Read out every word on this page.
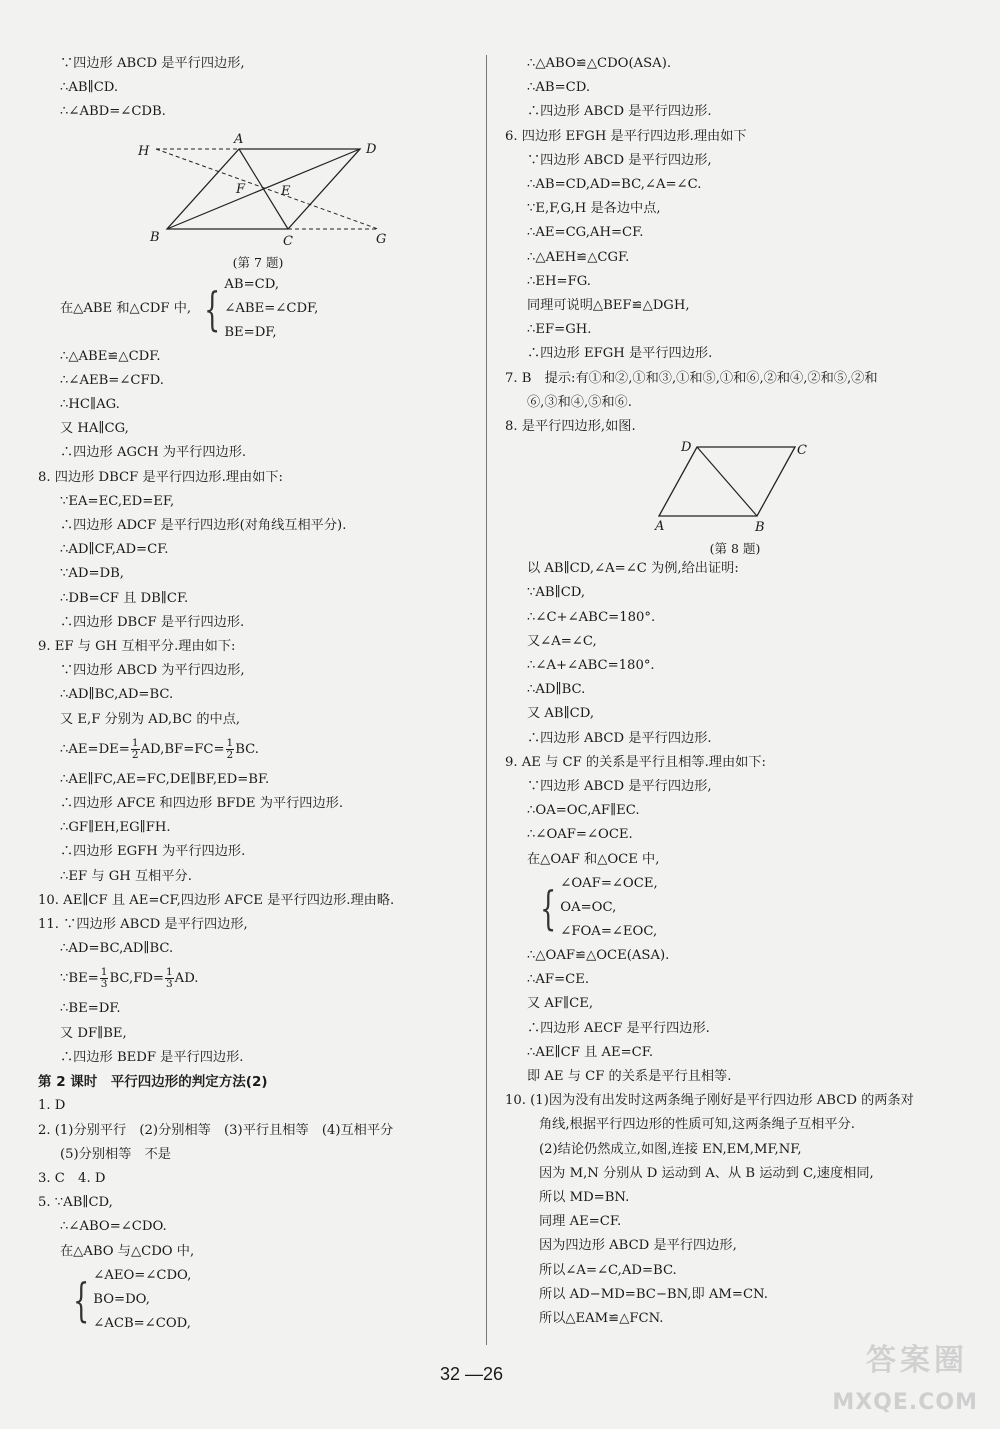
∵四边形 ABCD 是平行四边形,
∴AB∥CD.
∴∠ABD=∠CDB.
H
A
D
F	E
B	C	G
(第 7 题)
在△ABE 和△CDF 中, { AB=CD,
∠ABE=∠CDF,
BE=DF,
∴△ABE≌△CDF.
∴∠AEB=∠CFD.
∴HC∥AG.
又 HA∥CG,
∴四边形 AGCH 为平行四边形.
8. 四边形 DBCF 是平行四边形.理由如下:
∵EA=EC,ED=EF,
∴四边形 ADCF 是平行四边形(对角线互相平分).
∴AD∥CF,AD=CF.
∵AD=DB,
∴DB=CF 且 DB∥CF.
∴四边形 DBCF 是平行四边形.
9. EF 与 GH 互相平分.理由如下:
∵四边形 ABCD 为平行四边形,
∴AD∥BC,AD=BC.
又 E,F 分别为 AD,BC 的中点,
∴AE=DE= $\frac{1}{2} AD,BF=FC= \frac{1}{2}$ BC.
∴AE∥FC,AE=FC,DE∥BF,ED=BF.
∴四边形 AFCE 和四边形 BFDE 为平行四边形.
∴GF∥EH,EG∥FH.
∴四边形 EGFH 为平行四边形.
∴EF 与 GH 互相平分.
10. AE∥CF 且 AE=CF,四边形 AFCE 是平行四边形.理由略.
11. ∵四边形 ABCD 是平行四边形,
∴AD=BC,AD∥BC.
∵BE= $\frac{1}{3} BC,FD= \frac{1}{3}$ AD.
∴BE=DF.
又 DF∥BE,
∴四边形 BEDF 是平行四边形.
第 2 课时　平行四边形的判定方法(2)
1. D
2. (1)分别平行　(2)分别相等　(3)平行且相等　(4)互相平分
(5)分别相等　不是
3. C　4. D
5. ∵AB∥CD,
∴∠ABO=∠CDO.
在△ABO 与△CDO 中,
{ ∠AEO=∠CDO,
BO=DO,
∠ACB=∠COD,
∴△ABO≌△CDO(ASA).
∴AB=CD.
∴四边形 ABCD 是平行四边形.
6. 四边形 EFGH 是平行四边形.理由如下
∵四边形 ABCD 是平行四边形,
∴AB=CD,AD=BC,∠A=∠C.
∵E,F,G,H 是各边中点,
∴AE=CG,AH=CF.
∴△AEH≌△CGF.
∴EH=FG.
同理可说明△BEF≌△DGH,
∴EF=GH.
∴四边形 EFGH 是平行四边形.
7. B　提示:有①和②,①和③,①和⑤,①和⑥,②和④,②和⑤,②和
⑥,③和④,⑤和⑥.
8. 是平行四边形,如图.
D	C
A	B
(第 8 题)
以 AB∥CD,∠A=∠C 为例,给出证明:
∵AB∥CD,
∴∠C+∠ABC=180°.
又∠A=∠C,
∴∠A+∠ABC=180°.
∴AD∥BC.
又 AB∥CD,
∴四边形 ABCD 是平行四边形.
9. AE 与 CF 的关系是平行且相等.理由如下:
∵四边形 ABCD 是平行四边形,
∴OA=OC,AF∥EC.
∴∠OAF=∠OCE.
在△OAF 和△OCE 中,
{ ∠OAF=∠OCE,
OA=OC,
∠FOA=∠EOC,
∴△OAF≌△OCE(ASA).
∴AF=CE.
又 AF∥CE,
∴四边形 AECF 是平行四边形.
∴AE∥CF 且 AE=CF.
即 AE 与 CF 的关系是平行且相等.
10. (1)因为没有出发时这两条绳子刚好是平行四边形 ABCD 的两条对
角线,根据平行四边形的性质可知,这两条绳子互相平分.
(2)结论仍然成立,如图,连接 EN,EM,MF,NF,
因为 M,N 分别从 D 运动到 A、从 B 运动到 C,速度相同,
所以 MD=BN.
同理 AE=CF.
因为四边形 ABCD 是平行四边形,
所以∠A=∠C,AD=BC.
所以 AD−MD=BC−BN,即 AM=CN.
所以△EAM≌△FCN.
32 —26	答案圈
MXQE.COM
